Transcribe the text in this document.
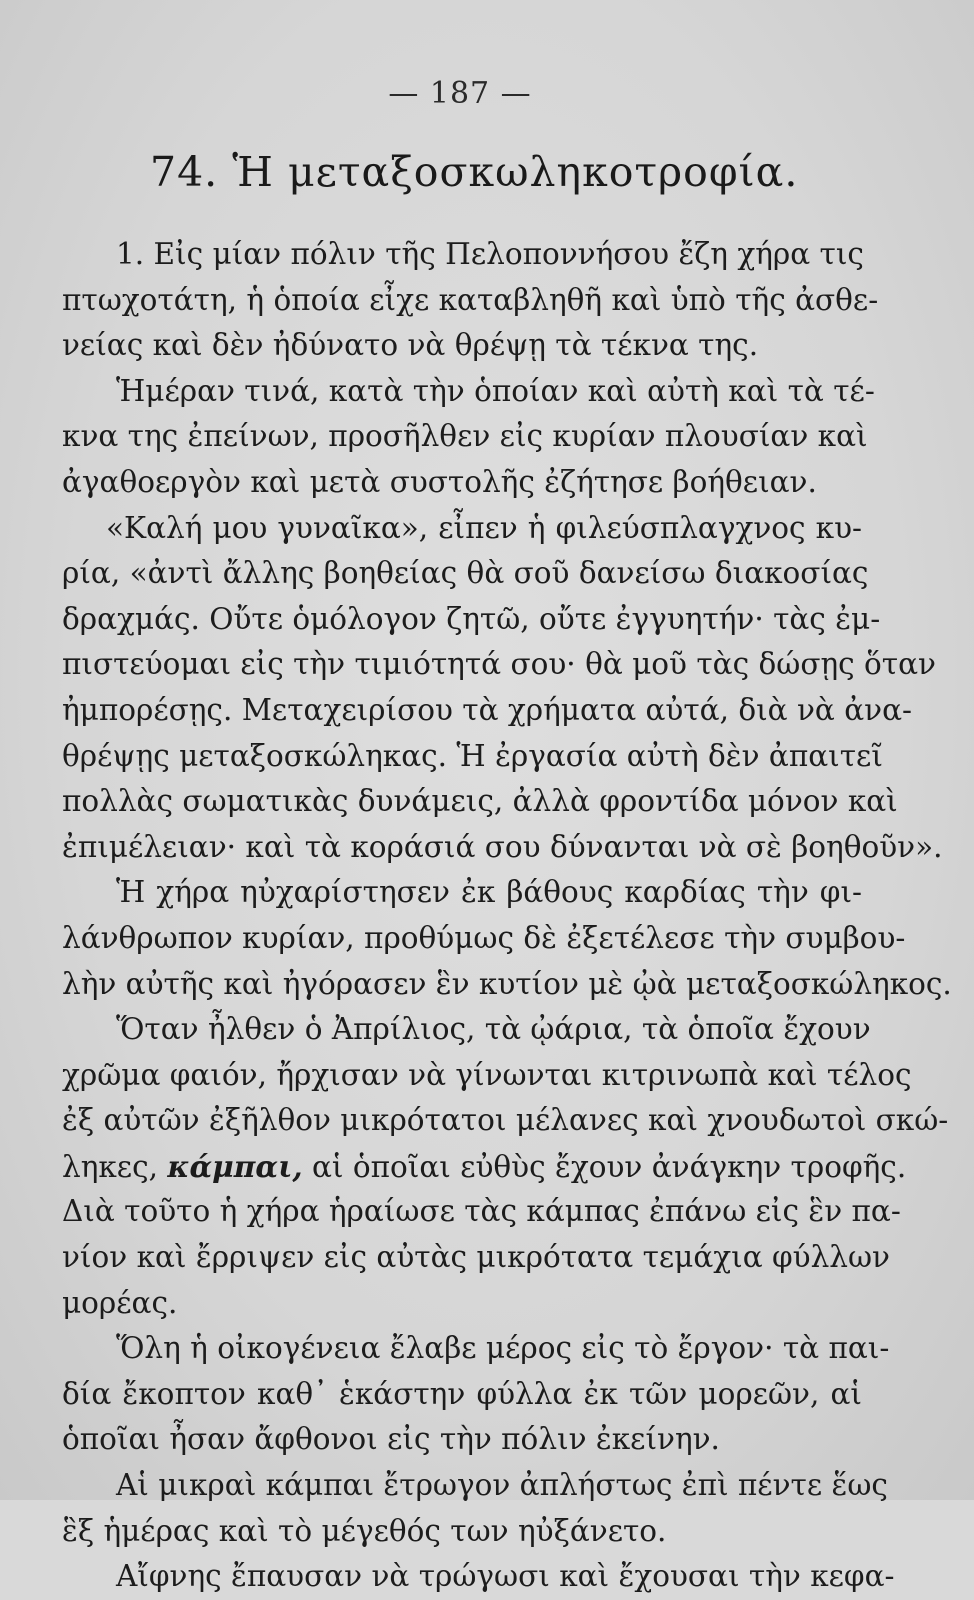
— 187 —
74. Ἡ μεταξοσκωληκοτροφία.
1. Εἰς μίαν πόλιν τῆς Πελοποννήσου ἔζη χήρα τις
πτωχοτάτη, ἡ ὁποία εἶχε καταβληθῆ καὶ ὑπὸ τῆς ἀσθε-
νείας καὶ δὲν ἠδύνατο νὰ θρέψῃ τὰ τέκνα της.
Ἡμέραν τινά, κατὰ τὴν ὁποίαν καὶ αὐτὴ καὶ τὰ τέ-
κνα της ἐπείνων, προσῆλθεν εἰς κυρίαν πλουσίαν καὶ
ἀγαθοεργὸν καὶ μετὰ συστολῆς ἐζήτησε βοήθειαν.
«Καλή μου γυναῖκα», εἶπεν ἡ φιλεύσπλαγχνος κυ-
ρία, «ἀντὶ ἄλλης βοηθείας θὰ σοῦ δανείσω διακοσίας
δραχμάς. Οὔτε ὁμόλογον ζητῶ, οὔτε ἐγγυητήν· τὰς ἐμ-
πιστεύομαι εἰς τὴν τιμιότητά σου· θὰ μοῦ τὰς δώσῃς ὅταν
ἠμπορέσῃς. Μεταχειρίσου τὰ χρήματα αὐτά, διὰ νὰ ἀνα-
θρέψῃς μεταξοσκώληκας. Ἡ ἐργασία αὐτὴ δὲν ἀπαιτεῖ
πολλὰς σωματικὰς δυνάμεις, ἀλλὰ φροντίδα μόνον καὶ
ἐπιμέλειαν· καὶ τὰ κοράσιά σου δύνανται νὰ σὲ βοηθοῦν».
Ἡ χήρα ηὐχαρίστησεν ἐκ βάθους καρδίας τὴν φι-
λάνθρωπον κυρίαν, προθύμως δὲ ἐξετέλεσε τὴν συμβου-
λὴν αὐτῆς καὶ ἠγόρασεν ἓν κυτίον μὲ ᾠὰ μεταξοσκώληκος.
Ὅταν ἦλθεν ὁ Ἀπρίλιος, τὰ ᾠάρια, τὰ ὁποῖα ἔχουν
χρῶμα φαιόν, ἤρχισαν νὰ γίνωνται κιτρινωπὰ καὶ τέλος
ἐξ αὐτῶν ἐξῆλθον μικρότατοι μέλανες καὶ χνουδωτοὶ σκώ-
ληκες, κάμπαι, αἱ ὁποῖαι εὐθὺς ἔχουν ἀνάγκην τροφῆς.
Διὰ τοῦτο ἡ χήρα ἡραίωσε τὰς κάμπας ἐπάνω εἰς ἓν πα-
νίον καὶ ἔρριψεν εἰς αὐτὰς μικρότατα τεμάχια φύλλων
μορέας.
Ὅλη ἡ οἰκογένεια ἔλαβε μέρος εἰς τὸ ἔργον· τὰ παι-
δία ἔκοπτον καθ᾿ ἑκάστην φύλλα ἐκ τῶν μορεῶν, αἱ
ὁποῖαι ἦσαν ἄφθονοι εἰς τὴν πόλιν ἐκείνην.
Αἱ μικραὶ κάμπαι ἔτρωγον ἀπλήστως ἐπὶ πέντε ἕως
ἓξ ἡμέρας καὶ τὸ μέγεθός των ηὐξάνετο.
Αἴφνης ἔπαυσαν νὰ τρώγωσι καὶ ἔχουσαι τὴν κεφα-
